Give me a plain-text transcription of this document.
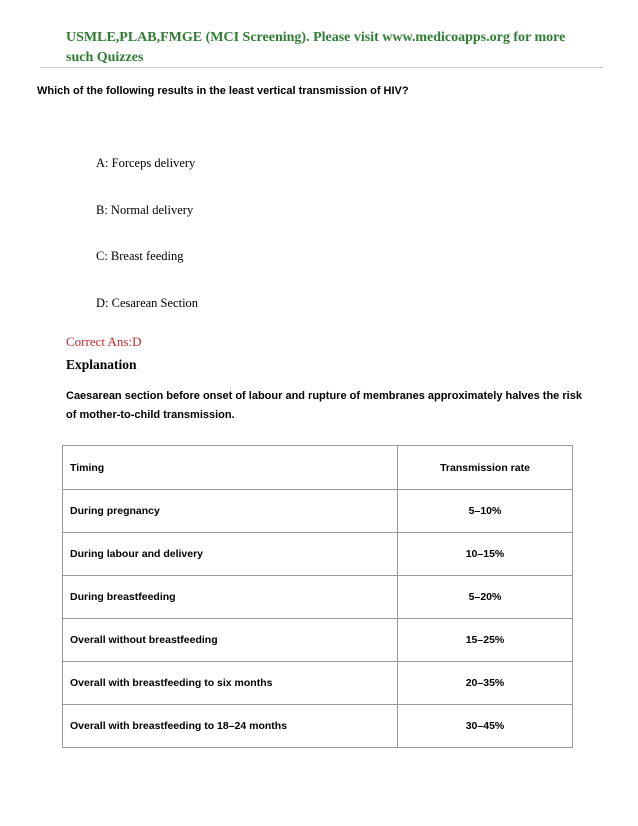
USMLE,PLAB,FMGE (MCI Screening). Please visit www.medicoapps.org for more such Quizzes
Which of the following results in the least vertical transmission of HIV?
A: Forceps delivery
B: Normal delivery
C: Breast feeding
D: Cesarean Section
Correct Ans:D
Explanation
Caesarean section before onset of labour and rupture of membranes approximately halves the risk of mother-to-child transmission.
Timing	Transmission rate
During pregnancy	5–10%
During labour and delivery	10–15%
During breastfeeding	5–20%
Overall without breastfeeding	15–25%
Overall with breastfeeding to six months	20–35%
Overall with breastfeeding to 18–24 months	30–45%
